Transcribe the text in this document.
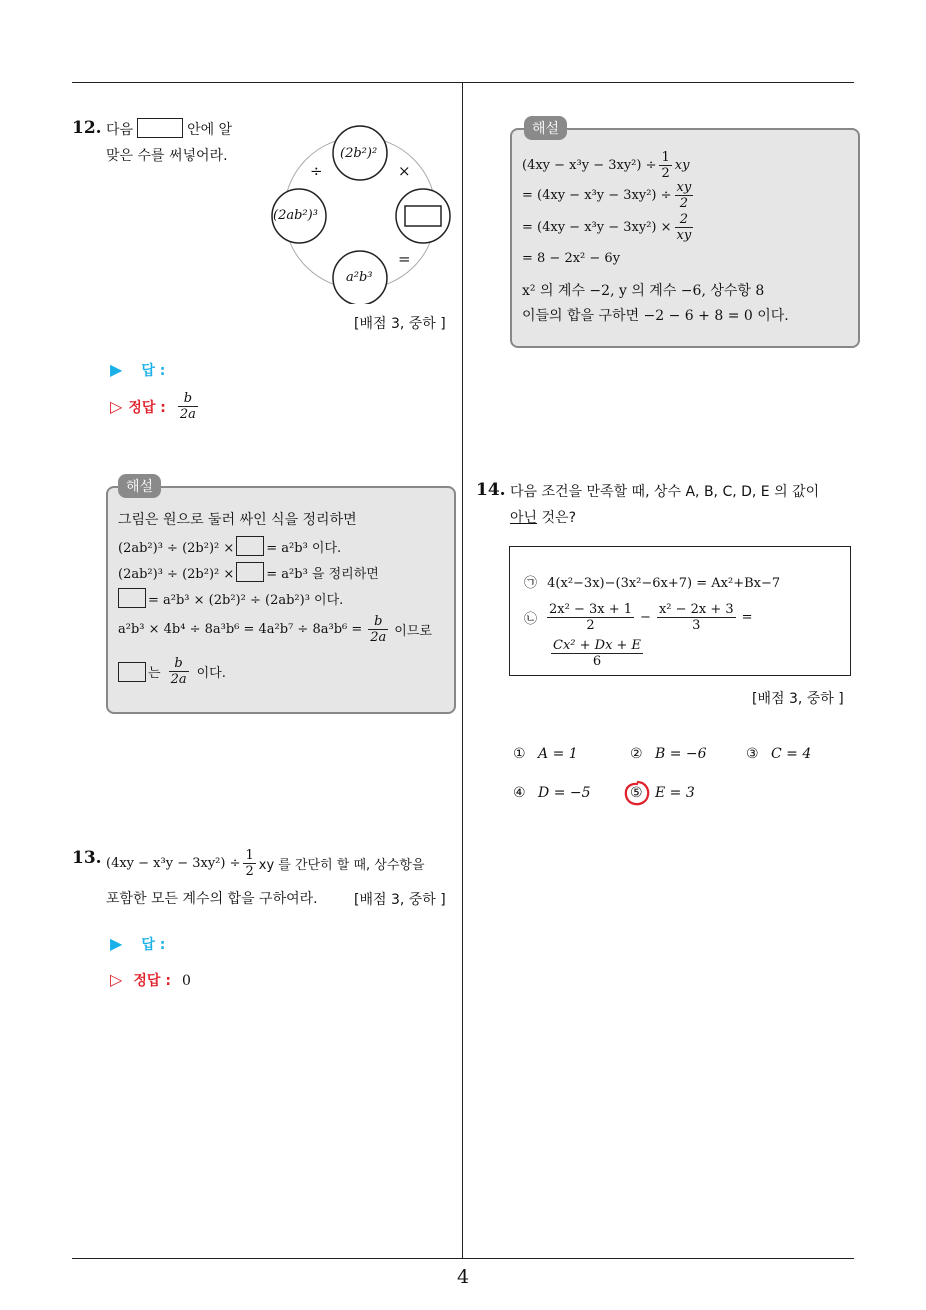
4
12. 다음	안에 알
맞은 수를 써넣어라.	(2b²)²
(2ab²)³
a²b³
÷	×
=
[배점 3, 중하 ]
▶ 답 :
▷ 정답 : $\frac{b}{2a}$
해설
그림은 원으로 둘러 싸인 식을 정리하면
(2ab²)³ ÷ (2b²)² × = a²b³ 이다.
(2ab²)³ ÷ (2b²)² × = a²b³ 을 정리하면
= a²b³ × (2b²)² ÷ (2ab²)³ 이다.
$a^2b^3 \times 4b^4 \div 8a^3b^6 = 4a^2b^7 \div 8a^3b^6 = \frac{b}{2a}$ 이므로
는 $\frac{b}{2a}$ 이다.
13. $(4xy - x^3y - 3xy^2) \div \frac{1}{2}$ xy 를 간단히 할 때, 상수항을
포함한 모든 계수의 합을 구하여라.	[배점 3, 중하 ]
▶ 답 :
▷ 정답 : 0
해설
$(4xy - x^3y - 3xy^2) \div \frac{1}{2}$ xy
= $(4xy - x^3y - 3xy^2) \div \frac{xy}{2}$
= $(4xy - x^3y - 3xy^2) \times \frac{2}{xy}$
= 8 − 2x² − 6y
x² 의 계수 −2, y 의 계수 −6, 상수항 8
이들의 합을 구하면 −2 − 6 + 8 = 0 이다.
14. 다음 조건을 만족할 때, 상수 A, B, C, D, E 의 값이
아닌 것은?
㉠ 4(x²−3x)−(3x²−6x+7) = Ax²+Bx−7
㉡ $\frac{\text{2x² − 3x + 1}}{2} - \frac{\text{x² − 2x + 3}}{3}$ =
$\frac{\text{Cx² + Dx + E}}{6}$
[배점 3, 중하 ]
① A = 1	② B = −6	③ C = 4
④ D = −5	⑤ E = 3
